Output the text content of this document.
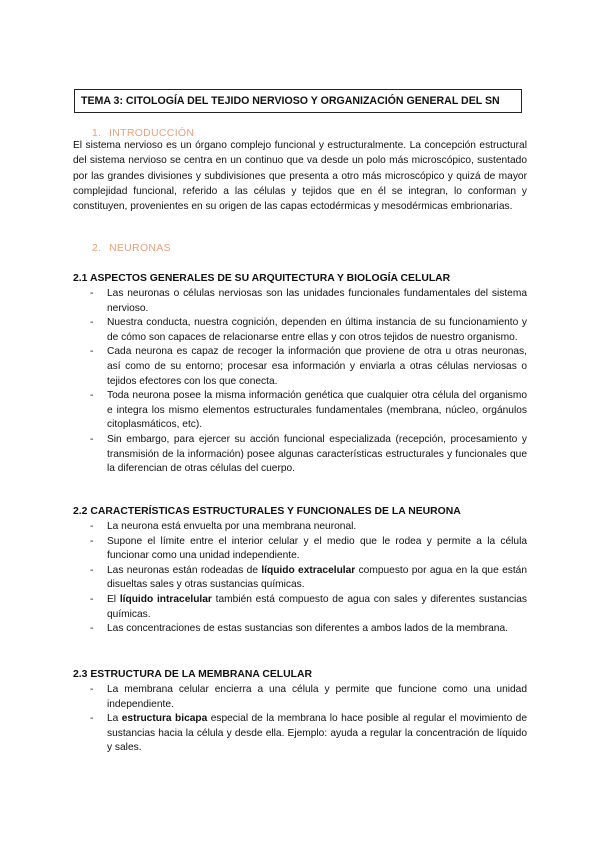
TEMA 3: CITOLOGÍA DEL TEJIDO NERVIOSO Y ORGANIZACIÓN GENERAL DEL SN
1. INTRODUCCIÓN

El sistema nervioso es un órgano complejo funcional y estructuralmente. La concepción estructural del sistema nervioso se centra en un continuo que va desde un polo más microscópico, sustentado por las grandes divisiones y subdivisiones que presenta a otro más microscópico y quizá de mayor complejidad funcional, referido a las células y tejidos que en él se integran, lo conforman y constituyen, provenientes en su origen de las capas ectodérmicas y mesodérmicas embrionarias.

2. NEURONAS
2.1 ASPECTOS GENERALES DE SU ARQUITECTURA Y BIOLOGÍA CELULAR
- Las neuronas o células nerviosas son las unidades funcionales fundamentales del sistema nervioso.
- Nuestra conducta, nuestra cognición, dependen en última instancia de su funcionamiento y de cómo son capaces de relacionarse entre ellas y con otros tejidos de nuestro organismo.
- Cada neurona es capaz de recoger la información que proviene de otra u otras neuronas, así como de su entorno; procesar esa información y enviarla a otras células nerviosas o tejidos efectores con los que conecta.
- Toda neurona posee la misma información genética que cualquier otra célula del organismo e integra los mismo elementos estructurales fundamentales (membrana, núcleo, orgánulos citoplasmáticos, etc).
- Sin embargo, para ejercer su acción funcional especializada (recepción, procesamiento y transmisión de la información) posee algunas características estructurales y funcionales que la diferencian de otras células del cuerpo.
2.2 CARACTERÍSTICAS ESTRUCTURALES Y FUNCIONALES DE LA NEURONA
- La neurona está envuelta por una membrana neuronal.
- Supone el límite entre el interior celular y el medio que le rodea y permite a la célula funcionar como una unidad independiente.
- Las neuronas están rodeadas de líquido extracelular compuesto por agua en la que están disueltas sales y otras sustancias químicas.
- El líquido intracelular también está compuesto de agua con sales y diferentes sustancias químicas.
- Las concentraciones de estas sustancias son diferentes a ambos lados de la membrana.
2.3 ESTRUCTURA DE LA MEMBRANA CELULAR
- La membrana celular encierra a una célula y permite que funcione como una unidad independiente.
- La estructura bicapa especial de la membrana lo hace posible al regular el movimiento de sustancias hacia la célula y desde ella. Ejemplo: ayuda a regular la concentración de líquido y sales.
